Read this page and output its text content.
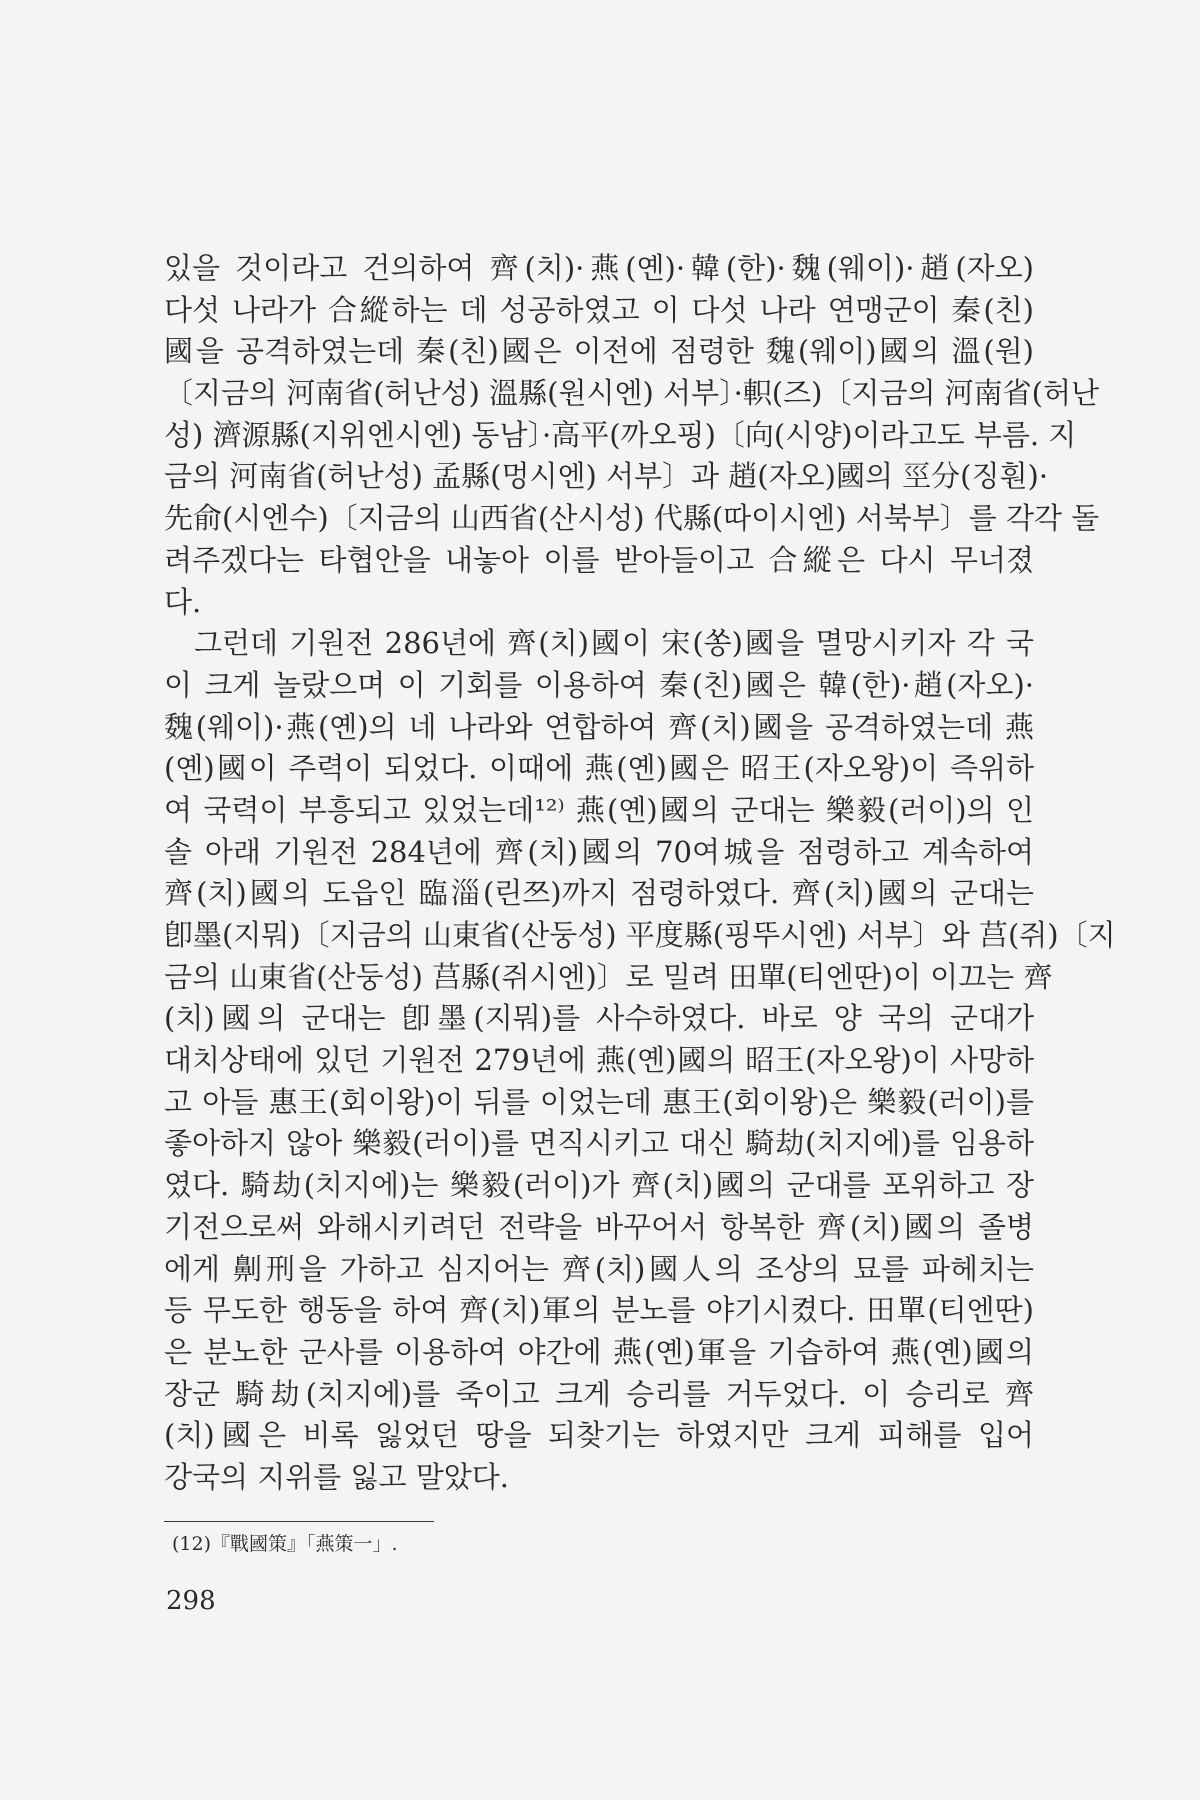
있을 것이라고 건의하여 齊(치)·燕(옌)·韓(한)·魏(웨이)·趙(자오)
다섯 나라가 合縱하는 데 성공하였고 이 다섯 나라 연맹군이 秦(친)
國을 공격하였는데 秦(친)國은 이전에 점령한 魏(웨이)國의 溫(원)
〔지금의 河南省(허난성) 溫縣(원시엔) 서부〕·軹(즈)〔지금의 河南省(허난
성) 濟源縣(지위엔시엔) 동남〕·高平(까오핑)〔向(시양)이라고도 부름. 지
금의 河南省(허난성) 孟縣(멍시엔) 서부〕과 趙(자오)國의 巠分(징훤)·
先俞(시엔수)〔지금의 山西省(산시성) 代縣(따이시엔) 서북부〕를 각각 돌
려주겠다는 타협안을 내놓아 이를 받아들이고 合縱은 다시 무너졌
다.
그런데 기원전 286년에 齊(치)國이 宋(쏭)國을 멸망시키자 각 국
이 크게 놀랐으며 이 기회를 이용하여 秦(친)國은 韓(한)·趙(자오)·
魏(웨이)·燕(옌)의 네 나라와 연합하여 齊(치)國을 공격하였는데 燕
(옌)國이 주력이 되었다. 이때에 燕(옌)國은 昭王(자오왕)이 즉위하
여 국력이 부흥되고 있었는데¹²⁾ 燕(옌)國의 군대는 樂毅(러이)의 인
솔 아래 기원전 284년에 齊(치)國의 70여城을 점령하고 계속하여
齊(치)國의 도읍인 臨淄(린쯔)까지 점령하였다. 齊(치)國의 군대는
卽墨(지뭐)〔지금의 山東省(산둥성) 平度縣(핑뚜시엔) 서부〕와 莒(쥐)〔지
금의 山東省(산둥성) 莒縣(쥐시엔)〕로 밀려 田單(티엔딴)이 이끄는 齊
(치)國의 군대는 卽墨(지뭐)를 사수하였다. 바로 양 국의 군대가
대치상태에 있던 기원전 279년에 燕(옌)國의 昭王(자오왕)이 사망하
고 아들 惠王(회이왕)이 뒤를 이었는데 惠王(회이왕)은 樂毅(러이)를
좋아하지 않아 樂毅(러이)를 면직시키고 대신 騎劫(치지에)를 임용하
였다. 騎劫(치지에)는 樂毅(러이)가 齊(치)國의 군대를 포위하고 장
기전으로써 와해시키려던 전략을 바꾸어서 항복한 齊(치)國의 졸병
에게 劓刑을 가하고 심지어는 齊(치)國人의 조상의 묘를 파헤치는
등 무도한 행동을 하여 齊(치)軍의 분노를 야기시켰다. 田單(티엔딴)
은 분노한 군사를 이용하여 야간에 燕(옌)軍을 기습하여 燕(옌)國의
장군 騎劫(치지에)를 죽이고 크게 승리를 거두었다. 이 승리로 齊
(치)國은 비록 잃었던 땅을 되찾기는 하였지만 크게 피해를 입어
강국의 지위를 잃고 말았다.
(12)『戰國策』「燕策一」.
298
